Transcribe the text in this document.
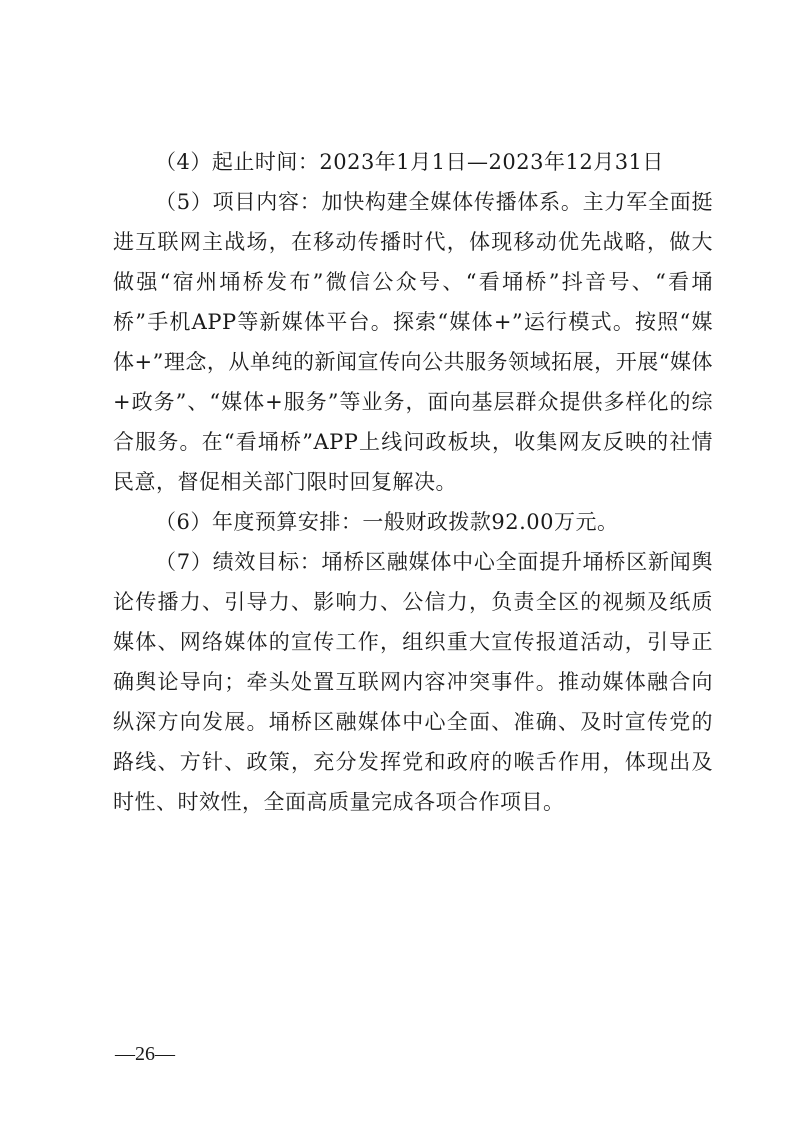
（4）起止时间：2023年1月1日—2023年12月31日

（5）项目内容：加快构建全媒体传播体系。主力军全面挺进互联网主战场，在移动传播时代，体现移动优先战略，做大做强“宿州埇桥发布”微信公众号、“看埇桥”抖音号、“看埇桥”手机APP等新媒体平台。探索“媒体+”运行模式。按照“媒体+”理念，从单纯的新闻宣传向公共服务领域拓展，开展“媒体+政务”、“媒体+服务”等业务，面向基层群众提供多样化的综合服务。在“看埇桥”APP上线问政板块，收集网友反映的社情民意，督促相关部门限时回复解决。

（6）年度预算安排：一般财政拨款92.00万元。

（7）绩效目标：埇桥区融媒体中心全面提升埇桥区新闻舆论传播力、引导力、影响力、公信力，负责全区的视频及纸质媒体、网络媒体的宣传工作，组织重大宣传报道活动，引导正确舆论导向；牵头处置互联网内容冲突事件。推动媒体融合向纵深方向发展。埇桥区融媒体中心全面、准确、及时宣传党的路线、方针、政策，充分发挥党和政府的喉舌作用，体现出及时性、时效性，全面高质量完成各项合作项目。

—26—
